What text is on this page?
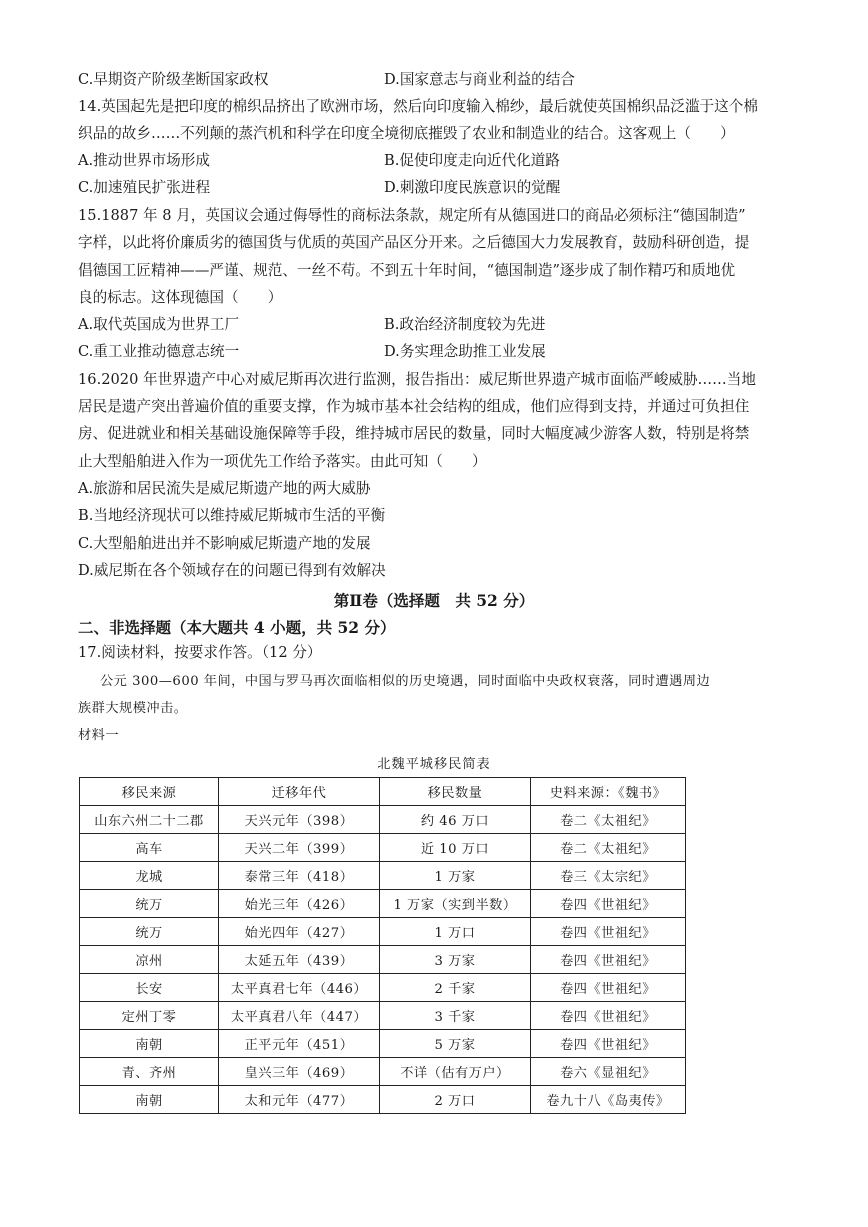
C.早期资产阶级垄断国家政权	D.国家意志与商业利益的结合
14.英国起先是把印度的棉织品挤出了欧洲市场，然后向印度输入棉纱，最后就使英国棉织品泛滥于这个棉
织品的故乡……不列颠的蒸汽机和科学在印度全境彻底摧毁了农业和制造业的结合。这客观上（　　）
A.推动世界市场形成	B.促使印度走向近代化道路
C.加速殖民扩张进程	D.刺激印度民族意识的觉醒
15.1887 年 8 月，英国议会通过侮辱性的商标法条款，规定所有从德国进口的商品必须标注“德国制造”
字样，以此将价廉质劣的德国货与优质的英国产品区分开来。之后德国大力发展教育，鼓励科研创造，提
倡德国工匠精神——严谨、规范、一丝不苟。不到五十年时间，“德国制造”逐步成了制作精巧和质地优
良的标志。这体现德国（　　）
A.取代英国成为世界工厂	B.政治经济制度较为先进
C.重工业推动德意志统一	D.务实理念助推工业发展
16.2020 年世界遗产中心对威尼斯再次进行监测，报告指出：威尼斯世界遗产城市面临严峻威胁……当地
居民是遗产突出普遍价值的重要支撑，作为城市基本社会结构的组成，他们应得到支持，并通过可负担住
房、促进就业和相关基础设施保障等手段，维持城市居民的数量，同时大幅度减少游客人数，特别是将禁
止大型船舶进入作为一项优先工作给予落实。由此可知（　　）
A.旅游和居民流失是威尼斯遗产地的两大威胁
B.当地经济现状可以维持威尼斯城市生活的平衡
C.大型船舶进出并不影响威尼斯遗产地的发展
D.威尼斯在各个领域存在的问题已得到有效解决
第Ⅱ卷（选择题　共 52 分）
二、非选择题（本大题共 4 小题，共 52 分）
17.阅读材料，按要求作答。（12 分）
公元 300—600 年间，中国与罗马再次面临相似的历史境遇，同时面临中央政权衰落，同时遭遇周边
族群大规模冲击。
材料一
北魏平城移民简表
移民来源	迁移年代	移民数量	史料来源：《魏书》
山东六州二十二郡	天兴元年（398）	约 46 万口	卷二《太祖纪》
高车	天兴二年（399）	近 10 万口	卷二《太祖纪》
龙城	泰常三年（418）	1 万家	卷三《太宗纪》
统万	始光三年（426）	1 万家（实到半数）	卷四《世祖纪》
统万	始光四年（427）	1 万口	卷四《世祖纪》
凉州	太延五年（439）	3 万家	卷四《世祖纪》
长安	太平真君七年（446）	2 千家	卷四《世祖纪》
定州丁零	太平真君八年（447）	3 千家	卷四《世祖纪》
南朝	正平元年（451）	5 万家	卷四《世祖纪》
青、齐州	皇兴三年（469）	不详（估有万户）	卷六《显祖纪》
南朝	太和元年（477）	2 万口	卷九十八《岛夷传》
